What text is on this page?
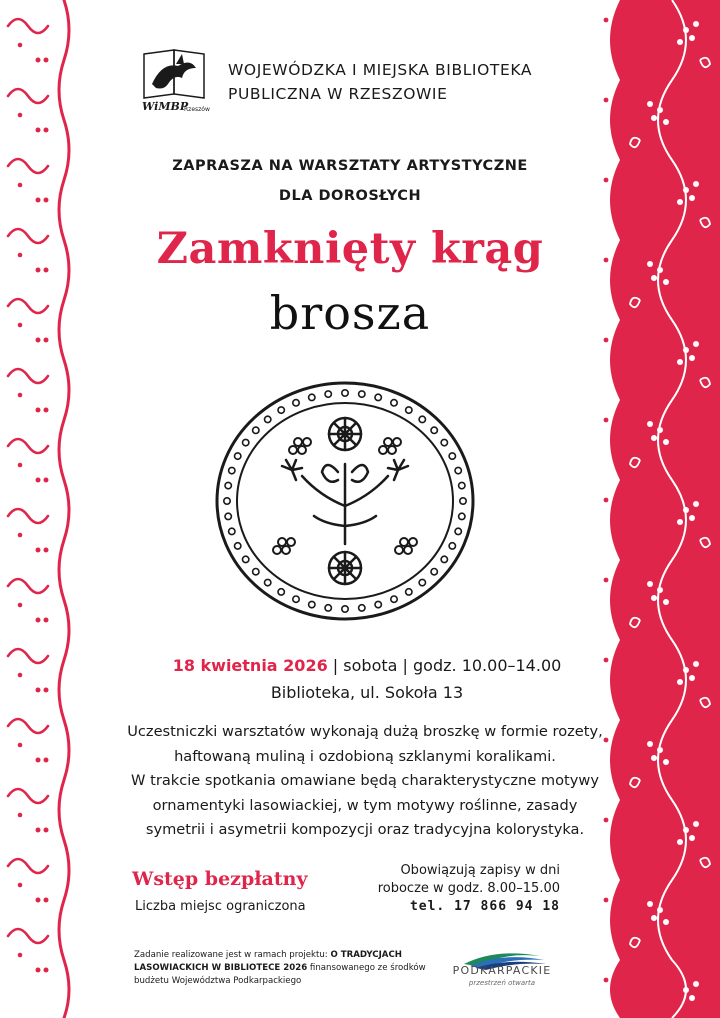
WiMBP
Rzeszów
WOJEWÓDZKA I MIEJSKA BIBLIOTEKA
PUBLICZNA W RZESZOWIE
ZAPRASZA NA WARSZTATY ARTYSTYCZNE
DLA DOROSŁYCH
Zamknięty krąg
brosza
18 kwietnia 2026 | sobota | godz. 10.00–14.00
Biblioteka, ul. Sokoła 13
Uczestniczki warsztatów wykonają dużą broszkę w formie rozety,
haftowaną muliną i ozdobioną szklanymi koralikami.
W trakcie spotkania omawiane będą charakterystyczne motywy
ornamentyki lasowiackiej, w tym motywy roślinne, zasady
symetrii i asymetrii kompozycji oraz tradycyjna kolorystyka.
Wstęp bezpłatny
Liczba miejsc ograniczona
Obowiązują zapisy w dni
robocze w godz. 8.00–15.00
tel. 17 866 94 18
Zadanie realizowane jest w ramach projektu: O TRADYCJACH LASOWIACKICH W BIBLIOTECE 2026 finansowanego ze środków budżetu Województwa Podkarpackiego
PODKARPACKIE
przestrzeń otwarta
